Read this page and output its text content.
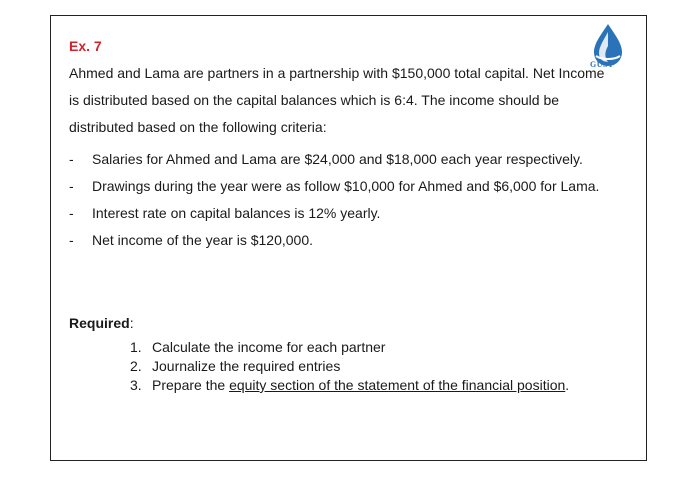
GUST
Ex. 7
Ahmed and Lama are partners in a partnership with $150,000 total capital. Net Income is distributed based on the capital balances which is 6:4. The income should be distributed based on the following criteria:
- Salaries for Ahmed and Lama are $24,000 and $18,000 each year respectively.
- Drawings during the year were as follow $10,000 for Ahmed and $6,000 for Lama.
- Interest rate on capital balances is 12% yearly.
- Net income of the year is $120,000.
Required:
1. Calculate the income for each partner
2. Journalize the required entries
3. Prepare the equity section of the statement of the financial position.
